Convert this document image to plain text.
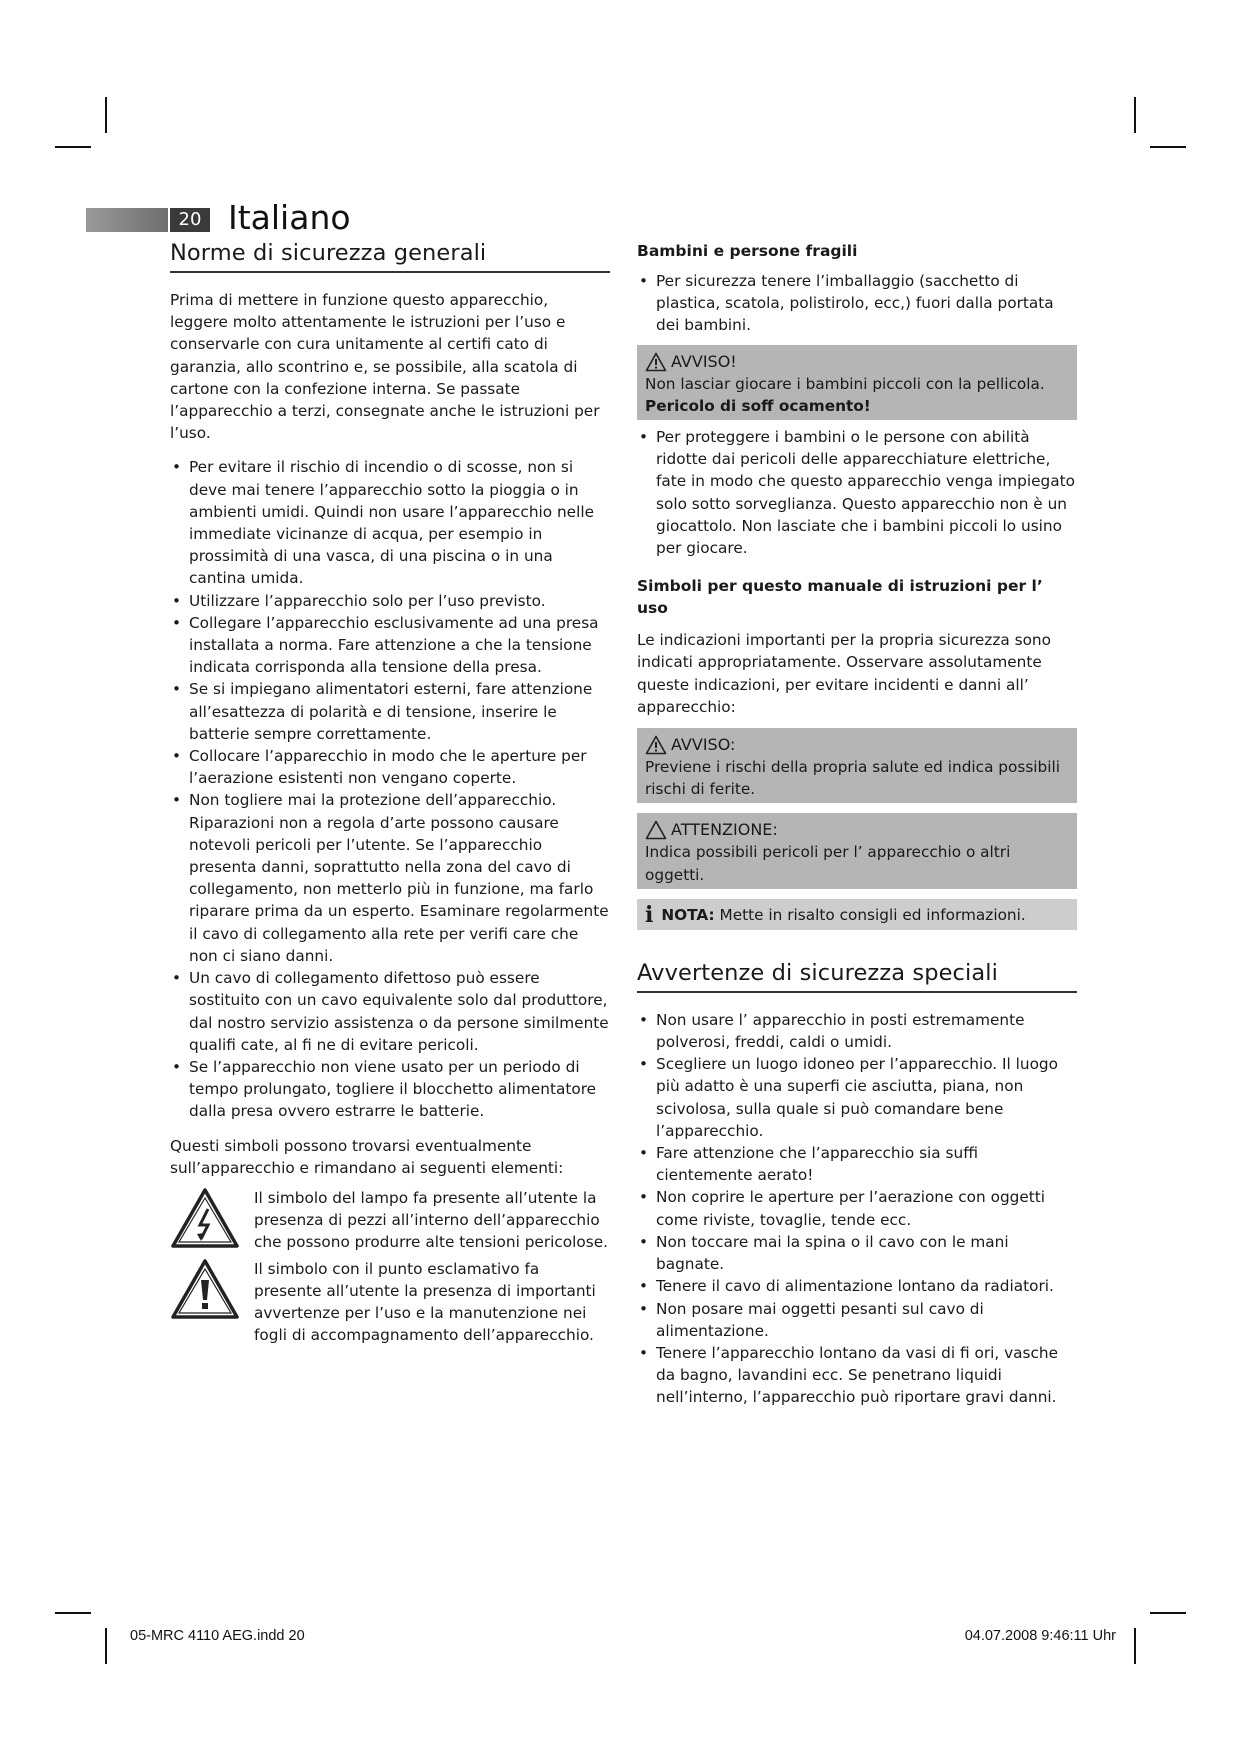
20 Italiano
Norme di sicurezza generali

Prima di mettere in funzione questo apparecchio, leggere molto attentamente le istruzioni per l’uso e conservarle con cura unitamente al certifi cato di garanzia, allo scontrino e, se possibile, alla scatola di cartone con la confezione interna. Se passate l’apparecchio a terzi, consegnate anche le istruzioni per l’uso.

• Per evitare il rischio di incendio o di scosse, non si deve mai tenere l’apparecchio sotto la pioggia o in ambienti umidi. Quindi non usare l’apparecchio nelle immediate vicinanze di acqua, per esempio in prossimità di una vasca, di una piscina o in una cantina umida.
• Utilizzare l’apparecchio solo per l’uso previsto.
• Collegare l’apparecchio esclusivamente ad una presa installata a norma. Fare attenzione a che la tensione indicata corrisponda alla tensione della presa.
• Se si impiegano alimentatori esterni, fare attenzione all’esattezza di polarità e di tensione, inserire le batterie sempre correttamente.
• Collocare l’apparecchio in modo che le aperture per l’aerazione esistenti non vengano coperte.
• Non togliere mai la protezione dell’apparecchio. Riparazioni non a regola d’arte possono causare notevoli pericoli per l’utente. Se l’apparecchio presenta danni, soprattutto nella zona del cavo di collegamento, non metterlo più in funzione, ma farlo riparare prima da un esperto. Esaminare regolarmente il cavo di collegamento alla rete per verifi care che non ci siano danni.
• Un cavo di collegamento difettoso può essere sostituito con un cavo equivalente solo dal produttore, dal nostro servizio assistenza o da persone similmente qualifi cate, al fi ne di evitare pericoli.
• Se l’apparecchio non viene usato per un periodo di tempo prolungato, togliere il blocchetto alimentatore dalla presa ovvero estrarre le batterie.

Questi simboli possono trovarsi eventualmente sull’apparecchio e rimandano ai seguenti elementi:

Il simbolo del lampo fa presente all’utente la presenza di pezzi all’interno dell’apparecchio che possono produrre alte tensioni pericolose.

Il simbolo con il punto esclamativo fa presente all’utente la presenza di importanti avvertenze per l’uso e la manutenzione nei fogli di accompagnamento dell’apparecchio.

Bambini e persone fragili
• Per sicurezza tenere l’imballaggio (sacchetto di plastica, scatola, polistirolo, ecc,) fuori dalla portata dei bambini.
AVVISO!
Non lasciar giocare i bambini piccoli con la pellicola. Pericolo di soff ocamento!
• Per proteggere i bambini o le persone con abilità ridotte dai pericoli delle apparecchiature elettriche, fate in modo che questo apparecchio venga impiegato solo sotto sorveglianza. Questo apparecchio non è un giocattolo. Non lasciate che i bambini piccoli lo usino per giocare.
Simboli per questo manuale di istruzioni per l’ uso

Le indicazioni importanti per la propria sicurezza sono indicati appropriatamente. Osservare assolutamente queste indicazioni, per evitare incidenti e danni all’ apparecchio:

AVVISO:
Previene i rischi della propria salute ed indica possibili rischi di ferite.
ATTENZIONE:
Indica possibili pericoli per l’ apparecchio o altri oggetti.
i NOTA: Mette in risalto consigli ed informazioni.
Avvertenze di sicurezza speciali
• Non usare l’ apparecchio in posti estremamente polverosi, freddi, caldi o umidi.
• Scegliere un luogo idoneo per l’apparecchio. Il luogo più adatto è una superfi cie asciutta, piana, non scivolosa, sulla quale si può comandare bene l’apparecchio.
• Fare attenzione che l’apparecchio sia suffi cientemente aerato!
• Non coprire le aperture per l’aerazione con oggetti come riviste, tovaglie, tende ecc.
• Non toccare mai la spina o il cavo con le mani bagnate.
• Tenere il cavo di alimentazione lontano da radiatori.
• Non posare mai oggetti pesanti sul cavo di alimentazione.
• Tenere l’apparecchio lontano da vasi di fi ori, vasche da bagno, lavandini ecc. Se penetrano liquidi nell’interno, l’apparecchio può riportare gravi danni.
05-MRC 4110 AEG.indd 20	04.07.2008 9:46:11 Uhr
